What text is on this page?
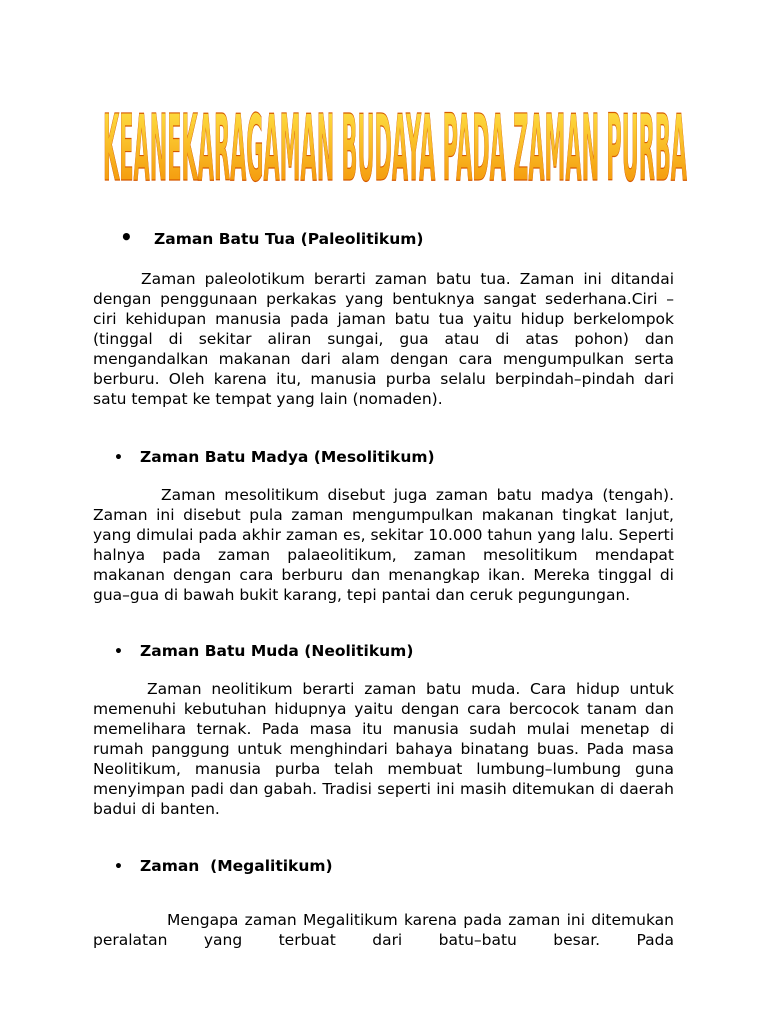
KEANEKARAGAMAN BUDAYA PADA ZAMAN PURBA
• Zaman Batu Tua (Paleolitikum)

Zaman paleolotikum berarti zaman batu tua. Zaman ini ditandai dengan penggunaan perkakas yang bentuknya sangat sederhana.Ciri – ciri kehidupan manusia pada jaman batu tua yaitu hidup berkelompok (tinggal di sekitar aliran sungai, gua atau di atas pohon) dan mengandalkan makanan dari alam dengan cara mengumpulkan serta berburu. Oleh karena itu, manusia purba selalu berpindah–pindah dari satu tempat ke tempat yang lain (nomaden).

• Zaman Batu Madya (Mesolitikum)

Zaman mesolitikum disebut juga zaman batu madya (tengah). Zaman ini disebut pula zaman mengumpulkan makanan tingkat lanjut, yang dimulai pada akhir zaman es, sekitar 10.000 tahun yang lalu. Seperti halnya pada zaman palaeolitikum, zaman mesolitikum mendapat makanan dengan cara berburu dan menangkap ikan. Mereka tinggal di gua–gua di bawah bukit karang, tepi pantai dan ceruk pegungungan.

• Zaman Batu Muda (Neolitikum)

Zaman neolitikum berarti zaman batu muda. Cara hidup untuk memenuhi kebutuhan hidupnya yaitu dengan cara bercocok tanam dan memelihara ternak. Pada masa itu manusia sudah mulai menetap di rumah panggung untuk menghindari bahaya binatang buas. Pada masa Neolitikum, manusia purba telah membuat lumbung–lumbung guna menyimpan padi dan gabah. Tradisi seperti ini masih ditemukan di daerah badui di banten.

• Zaman  (Megalitikum)

Mengapa zaman Megalitikum karena pada zaman ini ditemukan peralatan yang terbuat dari batu–batu besar. Pada
